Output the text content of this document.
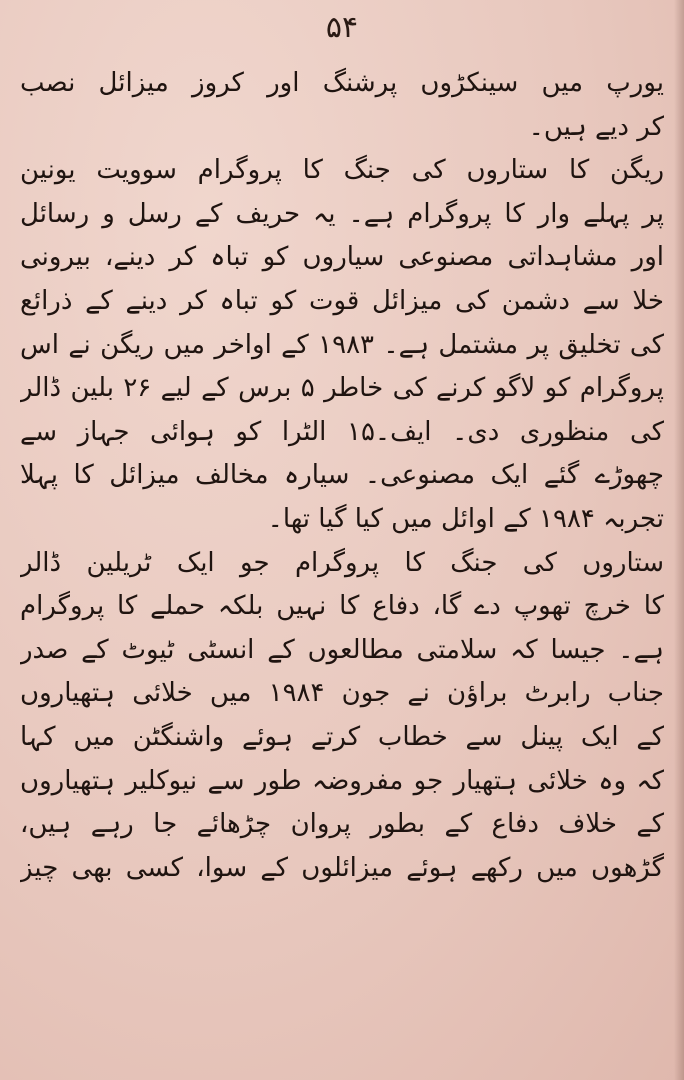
۵۴
یورپ میں سینکڑوں پرشنگ اور کروز میزائل نصب
کر دیے ہیں۔
ریگن کا ستاروں کی جنگ کا پروگرام سوویت یونین
پر پہلے وار کا پروگرام ہے۔ یہ حریف کے رسل و رسائل
اور مشاہداتی مصنوعی سیاروں کو تباہ کر دینے، بیرونی
خلا سے دشمن کی میزائل قوت کو تباہ کر دینے کے ذرائع
کی تخلیق پر مشتمل ہے۔ ۱۹۸۳ کے اواخر میں ریگن نے اس
پروگرام کو لاگو کرنے کی خاطر ۵ برس کے لیے ۲۶ بلین ڈالر
کی منظوری دی۔ ایف۔۱۵ الٹرا کو ہوائی جہاز سے
چھوڑے گئے ایک مصنوعی۔ سیارہ مخالف میزائل کا پہلا
تجربہ ۱۹۸۴ کے اوائل میں کیا گیا تھا۔
ستاروں کی جنگ کا پروگرام جو ایک ٹریلین ڈالر
کا خرچ تھوپ دے گا، دفاع کا نہیں بلکہ حملے کا پروگرام
ہے۔ جیسا کہ سلامتی مطالعوں کے انسٹی ٹیوٹ کے صدر
جناب رابرٹ براؤن نے جون ۱۹۸۴ میں خلائی ہتھیاروں
کے ایک پینل سے خطاب کرتے ہوئے واشنگٹن میں کہا
کہ وہ خلائی ہتھیار جو مفروضہ طور سے نیوکلیر ہتھیاروں
کے خلاف دفاع کے بطور پروان چڑھائے جا رہے ہیں،
گڑھوں میں رکھے ہوئے میزائلوں کے سوا، کسی بھی چیز
